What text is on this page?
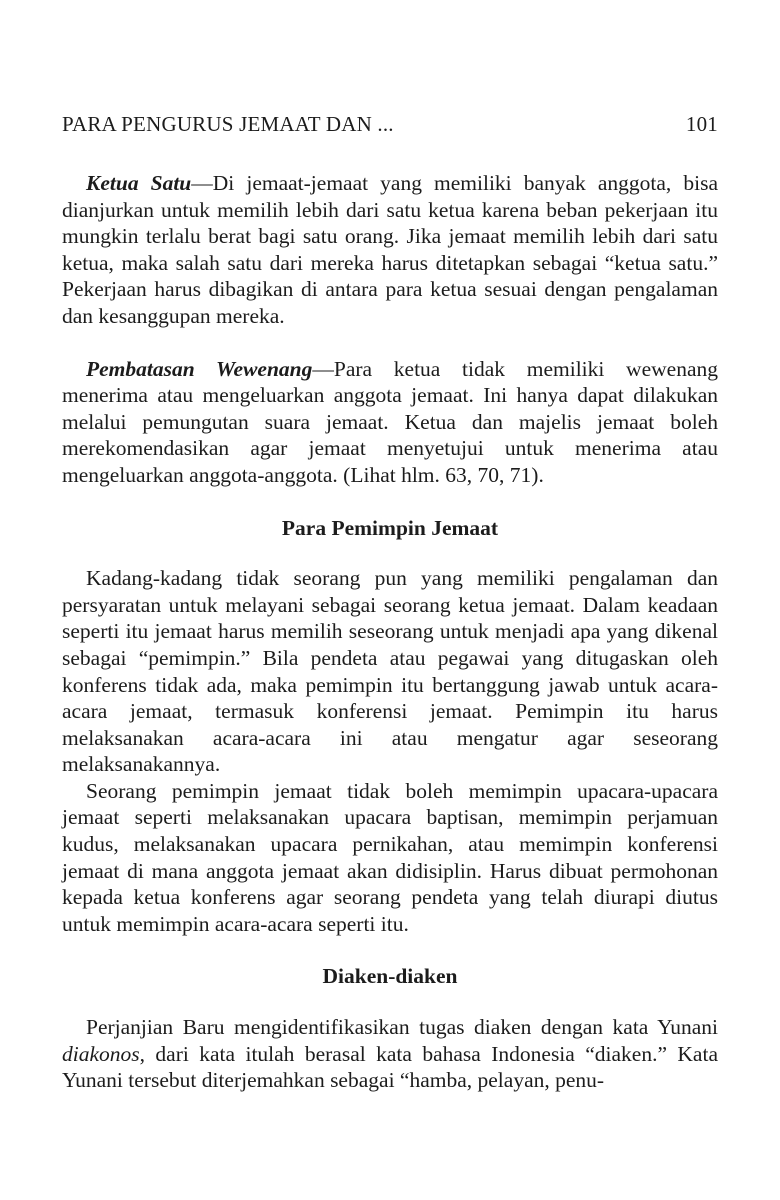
PARA PENGURUS JEMAAT DAN ...	101

Ketua Satu—Di jemaat-jemaat yang memiliki banyak anggota, bisa dianjurkan untuk memilih lebih dari satu ketua karena beban pekerjaan itu mungkin terlalu berat bagi satu orang. Jika jemaat memilih lebih dari satu ketua, maka salah satu dari mereka harus ditetapkan sebagai “ketua satu.” Pekerjaan harus dibagikan di antara para ketua sesuai dengan pengalaman dan kesanggupan mereka.

Pembatasan Wewenang—Para ketua tidak memiliki wewenang menerima atau mengeluarkan anggota jemaat. Ini hanya dapat dilakukan melalui pemungutan suara jemaat. Ketua dan majelis jemaat boleh merekomendasikan agar jemaat menyetujui untuk menerima atau mengeluarkan anggota-anggota. (Lihat hlm. 63, 70, 71).

Para Pemimpin Jemaat

Kadang-kadang tidak seorang pun yang memiliki pengalaman dan persyaratan untuk melayani sebagai seorang ketua jemaat. Dalam keadaan seperti itu jemaat harus memilih seseorang untuk menjadi apa yang dikenal sebagai “pemimpin.” Bila pendeta atau pegawai yang ditugaskan oleh konferens tidak ada, maka pemimpin itu bertanggung jawab untuk acara-acara jemaat, termasuk konferensi jemaat. Pemimpin itu harus melaksanakan acara-acara ini atau mengatur agar seseorang melaksanakannya.

Seorang pemimpin jemaat tidak boleh memimpin upacara-upacara jemaat seperti melaksanakan upacara baptisan, memimpin perjamuan kudus, melaksanakan upacara pernikahan, atau memimpin konferensi jemaat di mana anggota jemaat akan didisiplin. Harus dibuat permohonan kepada ketua konferens agar seorang pendeta yang telah diurapi diutus untuk memimpin acara-acara seperti itu.

Diaken-diaken

Perjanjian Baru mengidentifikasikan tugas diaken dengan kata Yunani diakonos, dari kata itulah berasal kata bahasa Indonesia “diaken.” Kata Yunani tersebut diterjemahkan sebagai “hamba, pelayan, penu-
